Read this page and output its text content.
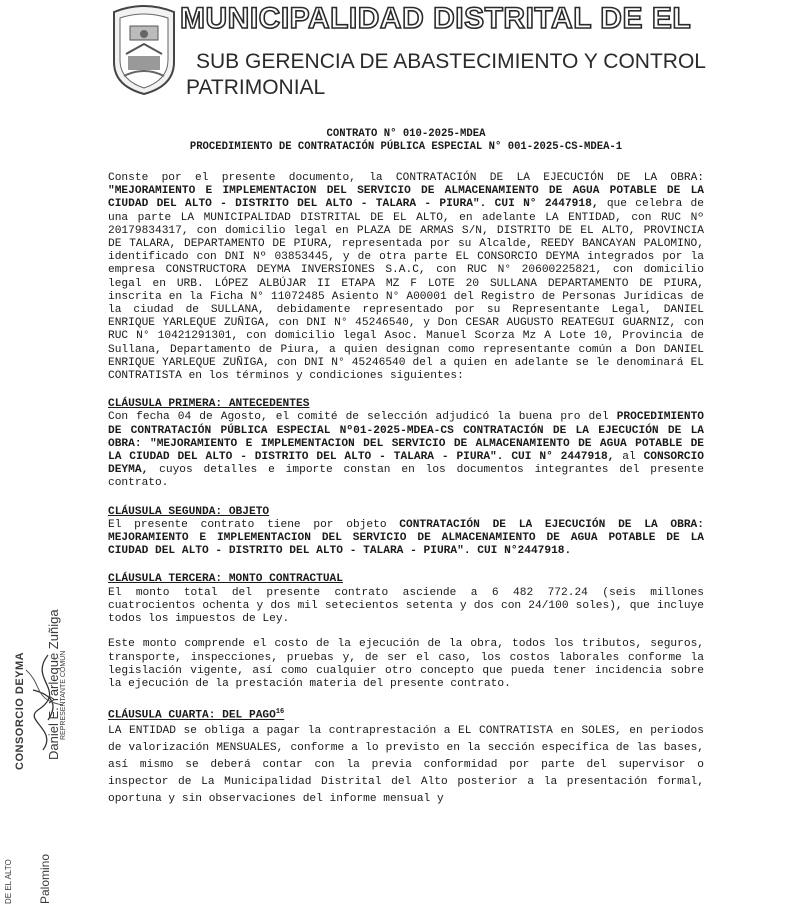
MUNICIPALIDAD DISTRITAL DE EL
SUB GERENCIA DE ABASTECIMIENTO Y CONTROL
PATRIMONIAL
CONTRATO N° 010-2025-MDEA
PROCEDIMIENTO DE CONTRATACIÓN PÚBLICA ESPECIAL N° 001-2025-CS-MDEA-1

Conste por el presente documento, la CONTRATACIÓN DE LA EJECUCIÓN DE LA OBRA: "MEJORAMIENTO E IMPLEMENTACION DEL SERVICIO DE ALMACENAMIENTO DE AGUA POTABLE DE LA CIUDAD DEL ALTO - DISTRITO DEL ALTO - TALARA - PIURA". CUI N° 2447918, que celebra de una parte LA MUNICIPALIDAD DISTRITAL DE EL ALTO, en adelante LA ENTIDAD, con RUC Nº 20179834317, con domicilio legal en PLAZA DE ARMAS S/N, DISTRITO DE EL ALTO, PROVINCIA DE TALARA, DEPARTAMENTO DE PIURA, representada por su Alcalde, REEDY BANCAYAN PALOMINO, identificado con DNI Nº 03853445, y de otra parte EL CONSORCIO DEYMA integrados por la empresa CONSTRUCTORA DEYMA INVERSIONES S.A.C, con RUC N° 20600225821, con domicilio legal en URB. LÓPEZ ALBÚJAR II ETAPA MZ F LOTE 20 SULLANA DEPARTAMENTO DE PIURA, inscrita en la Ficha N° 11072485 Asiento N° A00001 del Registro de Personas Jurídicas de la ciudad de SULLANA, debidamente representado por su Representante Legal, DANIEL ENRIQUE YARLEQUE ZUÑIGA, con DNI N° 45246540, y Don CESAR AUGUSTO REATEGUI GUARNIZ, con RUC N° 10421291301, con domicilio legal Asoc. Manuel Scorza Mz A Lote 10, Provincia de Sullana, Departamento de Piura, a quien designan como representante común a Don DANIEL ENRIQUE YARLEQUE ZUÑIGA, con DNI N° 45246540 del a quien en adelante se le denominará EL CONTRATISTA en los términos y condiciones siguientes:

CLÁUSULA PRIMERA: ANTECEDENTES

Con fecha 04 de Agosto, el comité de selección adjudicó la buena pro del PROCEDIMIENTO DE CONTRATACIÓN PÚBLICA ESPECIAL Nº01-2025-MDEA-CS CONTRATACIÓN DE LA EJECUCIÓN DE LA OBRA: "MEJORAMIENTO E IMPLEMENTACION DEL SERVICIO DE ALMACENAMIENTO DE AGUA POTABLE DE LA CIUDAD DEL ALTO - DISTRITO DEL ALTO - TALARA - PIURA". CUI N° 2447918, al CONSORCIO DEYMA, cuyos detalles e importe constan en los documentos integrantes del presente contrato.

CLÁUSULA SEGUNDA: OBJETO

El presente contrato tiene por objeto CONTRATACIÓN DE LA EJECUCIÓN DE LA OBRA: MEJORAMIENTO E IMPLEMENTACION DEL SERVICIO DE ALMACENAMIENTO DE AGUA POTABLE DE LA CIUDAD DEL ALTO - DISTRITO DEL ALTO - TALARA - PIURA". CUI N°2447918.

CLÁUSULA TERCERA: MONTO CONTRACTUAL

El monto total del presente contrato asciende a 6 482 772.24 (seis millones cuatrocientos ochenta y dos mil setecientos setenta y dos con 24/100 soles), que incluye todos los impuestos de Ley.

Este monto comprende el costo de la ejecución de la obra, todos los tributos, seguros, transporte, inspecciones, pruebas y, de ser el caso, los costos laborales conforme la legislación vigente, así como cualquier otro concepto que pueda tener incidencia sobre la ejecución de la prestación materia del presente contrato.

CLÁUSULA CUARTA: DEL PAGO$^{16}$

LA ENTIDAD se obliga a pagar la contraprestación a EL CONTRATISTA en SOLES, en periodos de valorización MENSUALES, conforme a lo previsto en la sección específica de las bases, así mismo se deberá contar con la previa conformidad por parte del supervisor o inspector de La Municipalidad Distrital del Alto posterior a la presentación formal, oportuna y sin observaciones del informe mensual y

CONSORCIO DEYMA Daniel E. Yarleque Zuñiga REPRESENTANTE COMÚN
DE EL ALTO Palomino
